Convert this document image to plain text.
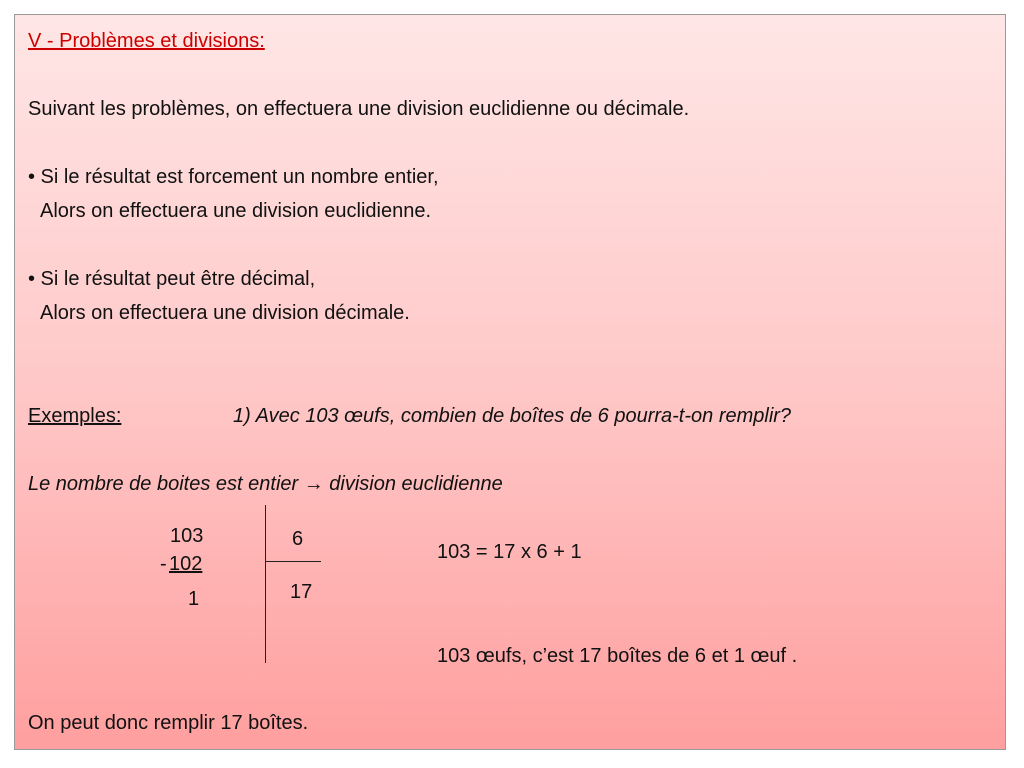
V - Problèmes et divisions:
Suivant les problèmes, on effectuera une division euclidienne ou décimale.
• Si le résultat est forcement un nombre entier,
Alors on effectuera une division euclidienne.
• Si le résultat peut être décimal,
Alors on effectuera une division décimale.
Exemples:	1) Avec 103 œufs, combien de boîtes de 6 pourra-t-on remplir?
Le nombre de boites est entier → division euclidienne
103
- 102
1
6
17
103 = 17 x 6 + 1
103 œufs, c’est 17 boîtes de 6 et 1 œuf .
On peut donc remplir 17 boîtes.
